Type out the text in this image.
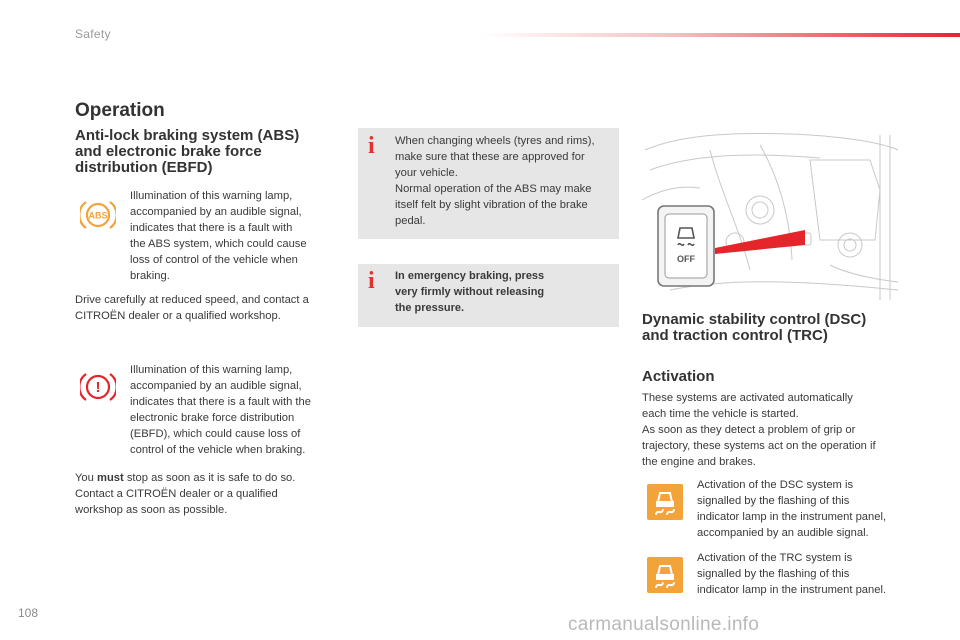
Safety
Operation
Anti-lock braking system (ABS)
and electronic brake force
distribution (EBFD)
ABS
Illumination of this warning lamp,
accompanied by an audible signal,
indicates that there is a fault with
the ABS system, which could cause
loss of control of the vehicle when
braking.
Drive carefully at reduced speed, and contact a
CITROËN dealer or a qualified workshop.
!
Illumination of this warning lamp,
accompanied by an audible signal,
indicates that there is a fault with the
electronic brake force distribution
(EBFD), which could cause loss of
control of the vehicle when braking.
You must stop as soon as it is safe to do so.
Contact a CITROËN dealer or a qualified
workshop as soon as possible.
i	When changing wheels (tyres and rims),
make sure that these are approved for
your vehicle.
Normal operation of the ABS may make
itself felt by slight vibration of the brake
pedal.
i	In emergency braking, press
very firmly without releasing
the pressure.
OFF
Dynamic stability control (DSC)
and traction control (TRC)
Activation
These systems are activated automatically
each time the vehicle is started.
As soon as they detect a problem of grip or
trajectory, these systems act on the operation if
the engine and brakes.
Activation of the DSC system is
signalled by the flashing of this
indicator lamp in the instrument panel,
accompanied by an audible signal.
Activation of the TRC system is
signalled by the flashing of this
indicator lamp in the instrument panel.
108
carmanualsonline.info
